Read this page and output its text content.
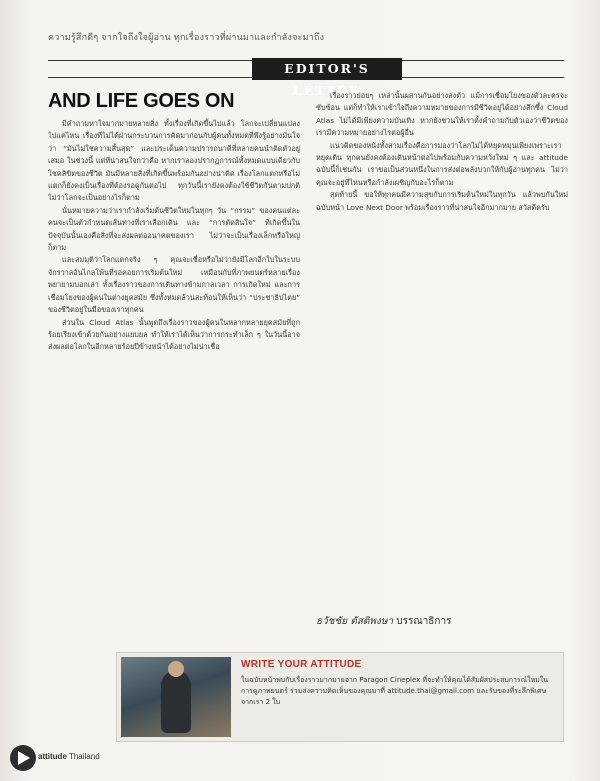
ความรู้สึกดีๆ จากใจถึงใจผู้อ่าน ทุกเรื่องราวที่ผ่านมาและกำลังจะมาถึง
EDITOR'S LETTER
AND LIFE GOES ON

มีคำถามหาใจมากมายหลายสิ่ง ทั้งเรื่องที่เกิดขึ้นไปแล้ว โลกจะเปลี่ยนแปลงไปแค่ไหน เรื่องที่ไม่ได้ผ่านกระบวนการคิดมาก่อนกับผู้คนทั้งหมดที่พึงรู้อย่างมั่นใจว่า “มันไม่ใช่ความสิ้นสุด” และประเด็นความปรารถนาดีที่หลายคนนำติดตัวอยู่เสมอ ในช่วงนี้ แต่ที่น่าสนใจกว่าคือ หากเราลองปรากฏการณ์ทั้งหมดแบบเดียวกับโชคลิขิตของชีวิต มันมีหลายสิ่งที่เกิดขึ้นพร้อมกันอย่างน่าคิด เรื่องโลกแตกหรือไม่แตกก็ยังคงเป็นเรื่องที่ต้องรอดูกันต่อไป ทุกวันนี้เรายังคงต้องใช้ชีวิตกันตามปกติ ไม่ว่าโลกจะเป็นอย่างไรก็ตาม

นั่นหมายความว่าเรากำลังเริ่มต้นชีวิตใหม่ในทุกๆ วัน “กรรม” ของคนแต่ละคนจะเป็นตัวกำหนดเส้นทางที่เราเลือกเดิน และ “การตัดสินใจ” ที่เกิดขึ้นในปัจจุบันนั้นเองคือสิ่งที่จะส่งผลต่ออนาคตของเรา ไม่ว่าจะเป็นเรื่องเล็กหรือใหญ่ก็ตาม

และสมมุติว่าโลกแตกจริง ๆ คุณจะเชื่อหรือไม่ว่ายังมีโลกอีกใบในระบบจักรวาลอันไกลโพ้นที่รอคอยการเริ่มต้นใหม่ เหมือนกับที่ภาพยนตร์หลายเรื่องพยายามบอกเล่า ทั้งเรื่องราวของการเดินทางข้ามกาลเวลา การเกิดใหม่ และการเชื่อมโยงของผู้คนในต่างยุคสมัย ซึ่งทั้งหมดล้วนสะท้อนให้เห็นว่า “ประชาธิปไตย” ของชีวิตอยู่ในมือของเราทุกคน

ส่วนใน Cloud Atlas นั้นพูดถึงเรื่องราวของผู้คนในหลากหลายยุคสมัยที่ถูกร้อยเรียงเข้าด้วยกันอย่างแยบยล ทำให้เราได้เห็นว่าการกระทำเล็ก ๆ ในวันนี้อาจส่งผลต่อโลกในอีกหลายร้อยปีข้างหน้าได้อย่างไม่น่าเชื่อ

เรื่องราวย่อยๆ เหล่านั้นผสานกันอย่างลงตัว แม้การเชื่อมโยงของตัวละครจะซับซ้อน แต่ก็ทำให้เราเข้าใจถึงความหมายของการมีชีวิตอยู่ได้อย่างลึกซึ้ง Cloud Atlas ไม่ได้มีเพียงความบันเทิง หากยังชวนให้เราตั้งคำถามกับตัวเองว่าชีวิตของเรามีความหมายอย่างไรต่อผู้อื่น

แนวคิดของหนังทั้งสามเรื่องคือการมองว่าโลกไม่ได้หยุดหมุนเพียงเพราะเราหยุดเดิน ทุกคนยังคงต้องเดินหน้าต่อไปพร้อมกับความหวังใหม่ ๆ และ attitude ฉบับนี้ก็เช่นกัน เราขอเป็นส่วนหนึ่งในการส่งต่อพลังบวกให้กับผู้อ่านทุกคน ไม่ว่าคุณจะอยู่ที่ไหนหรือกำลังเผชิญกับอะไรก็ตาม

สุดท้ายนี้ ขอให้ทุกคนมีความสุขกับการเริ่มต้นใหม่ในทุกวัน แล้วพบกันใหม่ฉบับหน้า Love Next Door พร้อมเรื่องราวที่น่าสนใจอีกมากมาย สวัสดีครับ

ธวัชชัย ตัสติพงษา บรรณาธิการ
WRITE YOUR ATTITUDE
ในฉบับหน้าพบกับเรื่องราวมากมายจาก Paragon Cineplex ที่จะทำให้คุณได้สัมผัสประสบการณ์ใหม่ในการดูภาพยนตร์ ร่วมส่งความคิดเห็นของคุณมาที่ attitude.thai@gmail.com และรับของที่ระลึกพิเศษจากเรา 2 ใบ
attitude Thailand
